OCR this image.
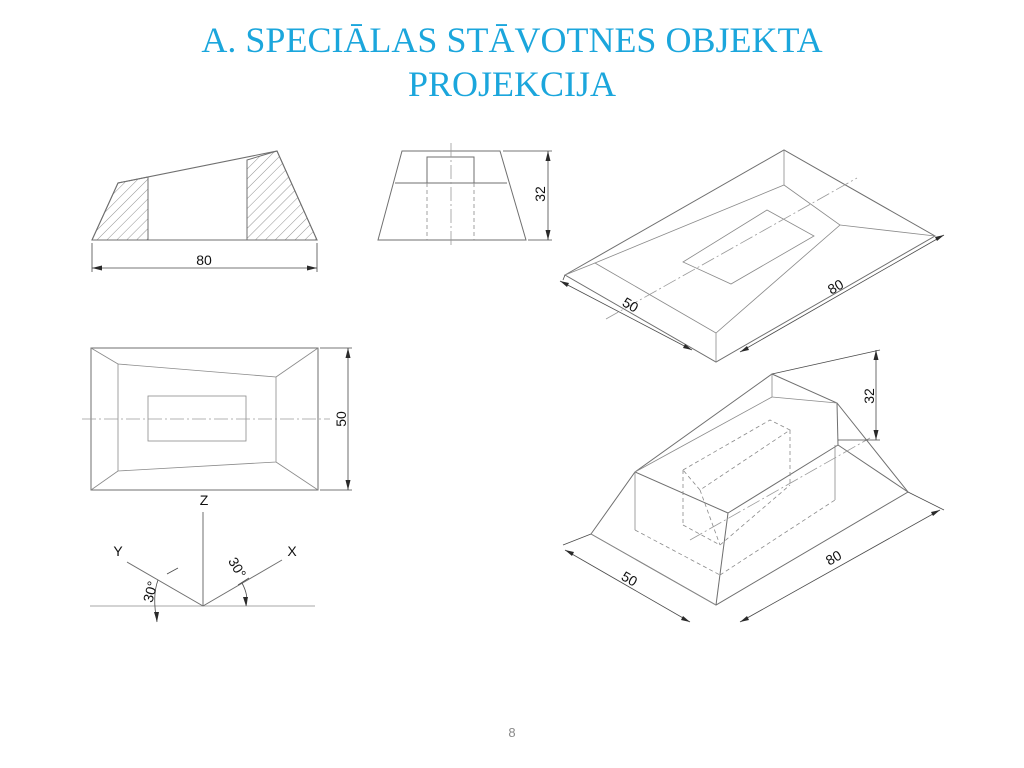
A. SPECIĀLAS STĀVOTNES OBJEKTA
PROJEKCIJA
80
32
50
Z
Y	X
30°
30°
50
80
32
50
80
8
